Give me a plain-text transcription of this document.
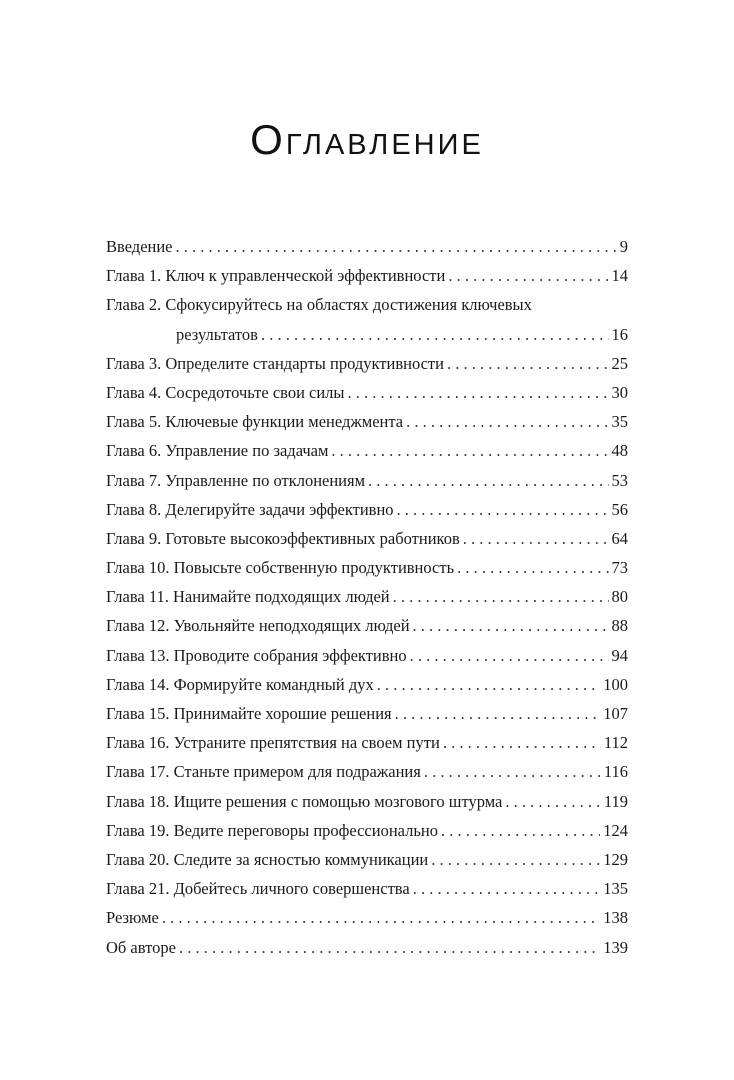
Оглавление
Введение . . .	9
Глава 1. Ключ к управленческой эффективности . . .	14
Глава 2. Сфокусируйтесь на областях достижения ключевых
результатов . . .	16
Глава 3. Определите стандарты продуктивности . . .	25
Глава 4. Сосредоточьте свои силы . . .	30
Глава 5. Ключевые функции менеджмента . . .	35
Глава 6. Управление по задачам . . .	48
Глава 7. Управленне по отклонениям . . .	53
Глава 8. Делегируйте задачи эффективно . . .	56
Глава 9. Готовьте высокоэффективных работников . . .	64
Глава 10. Повысьте собственную продуктивность . . .	73
Глава 11. Нанимайте подходящих людей . . .	80
Глава 12. Увольняйте неподходящих людей . . .	88
Глава 13. Проводите собрания эффективно . . .	94
Глава 14. Формируйте командный дух . . .	100
Глава 15. Принимайте хорошие решения . . .	107
Глава 16. Устраните препятствия на своем пути . . .	112
Глава 17. Станьте примером для подражания . . .	116
Глава 18. Ищите решения с помощью мозгового штурма . . .	119
Глава 19. Ведите переговоры профессионально . . .	124
Глава 20. Следите за ясностью коммуникации . . .	129
Глава 21. Добейтесь личного совершенства . . .	135
Резюме . . .	138
Об авторе . . .	139
